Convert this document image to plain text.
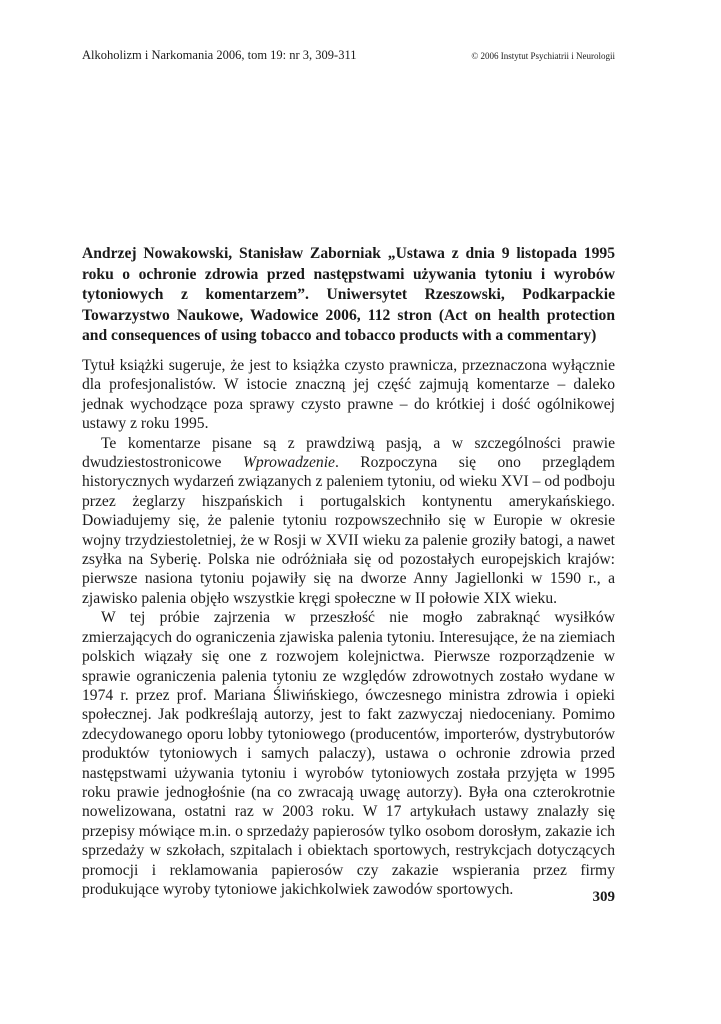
Alkoholizm i Narkomania 2006, tom 19: nr 3, 309-311	© 2006 Instytut Psychiatrii i Neurologii
Andrzej Nowakowski, Stanisław Zaborniak „Ustawa z dnia 9 listopada 1995 roku o ochronie zdrowia przed następstwami używania tytoniu i wyrobów tytoniowych z komentarzem”. Uniwersytet Rzeszowski, Podkarpackie Towarzystwo Naukowe, Wadowice 2006, 112 stron (Act on health protection and consequences of using tobacco and tobacco products with a commentary)

Tytuł książki sugeruje, że jest to książka czysto prawnicza, przeznaczona wyłącznie dla profesjonalistów. W istocie znaczną jej część zajmują komentarze – daleko jednak wychodzące poza sprawy czysto prawne – do krótkiej i dość ogólnikowej ustawy z roku 1995.

Te komentarze pisane są z prawdziwą pasją, a w szczególności prawie dwudziestostronicowe Wprowadzenie. Rozpoczyna się ono przeglądem historycznych wydarzeń związanych z paleniem tytoniu, od wieku XVI – od podboju przez żeglarzy hiszpańskich i portugalskich kontynentu amerykańskiego. Dowiadujemy się, że palenie tytoniu rozpowszechniło się w Europie w okresie wojny trzydziestoletniej, że w Rosji w XVII wieku za palenie groziły batogi, a nawet zsyłka na Syberię. Polska nie odróżniała się od pozostałych europejskich krajów: pierwsze nasiona tytoniu pojawiły się na dworze Anny Jagiellonki w 1590 r., a zjawisko palenia objęło wszystkie kręgi społeczne w II połowie XIX wieku.

W tej próbie zajrzenia w przeszłość nie mogło zabraknąć wysiłków zmierzających do ograniczenia zjawiska palenia tytoniu. Interesujące, że na ziemiach polskich wiązały się one z rozwojem kolejnictwa. Pierwsze rozporządzenie w sprawie ograniczenia palenia tytoniu ze względów zdrowotnych zostało wydane w 1974 r. przez prof. Mariana Śliwińskiego, ówczesnego ministra zdrowia i opieki społecznej. Jak podkreślają autorzy, jest to fakt zazwyczaj niedoceniany. Pomimo zdecydowanego oporu lobby tytoniowego (producentów, importerów, dystrybutorów produktów tytoniowych i samych palaczy), ustawa o ochronie zdrowia przed następstwami używania tytoniu i wyrobów tytoniowych została przyjęta w 1995 roku prawie jednogłośnie (na co zwracają uwagę autorzy). Była ona czterokrotnie nowelizowana, ostatni raz w 2003 roku. W 17 artykułach ustawy znalazły się przepisy mówiące m.in. o sprzedaży papierosów tylko osobom dorosłym, zakazie ich sprzedaży w szkołach, szpitalach i obiektach sportowych, restrykcjach dotyczących promocji i reklamowania papierosów czy zakazie wspierania przez firmy produkujące wyroby tytoniowe jakichkolwiek zawodów sportowych.	309
